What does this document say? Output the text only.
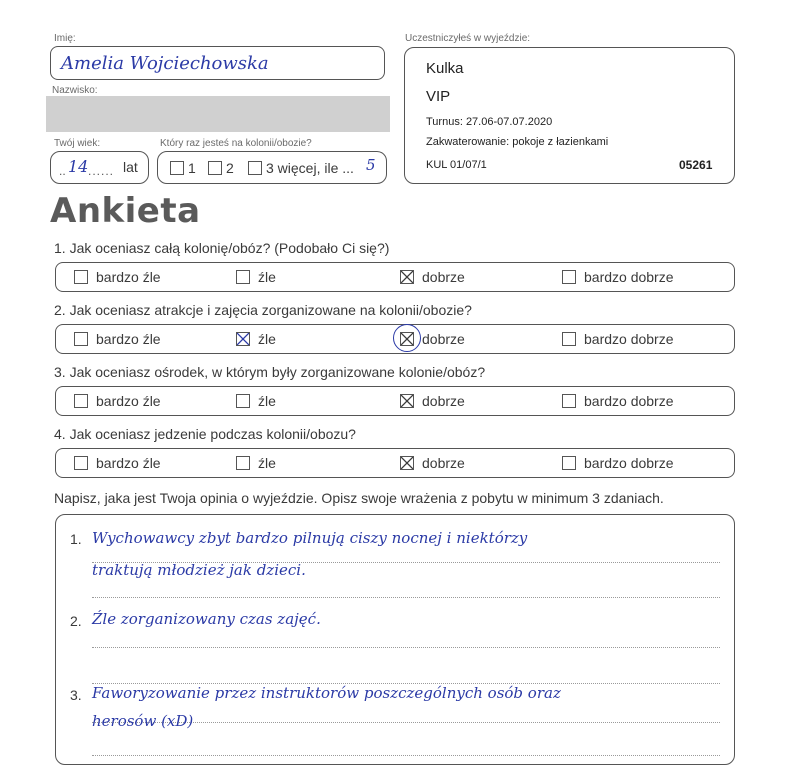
Imię:
Amelia Wojciechowska
Nazwisko:
Twój wiek:
.. 14 ...... lat
Który raz jesteś na kolonii/obozie?
1 2 3 więcej, ile ... 5
Uczestniczyłeś w wyjeździe:
Kulka
VIP
Turnus: 27.06-07.07.2020
Zakwaterowanie: pokoje z łazienkami
KUL 01/07/1	05261
Ankieta
1. Jak oceniasz całą kolonię/obóz? (Podobało Ci się?)
bardzo źle	źle	dobrze	bardzo dobrze
2. Jak oceniasz atrakcje i zajęcia zorganizowane na kolonii/obozie?
bardzo źle	źle	dobrze	bardzo dobrze
3. Jak oceniasz ośrodek, w którym były zorganizowane kolonie/obóz?
bardzo źle	źle	dobrze	bardzo dobrze
4. Jak oceniasz jedzenie podczas kolonii/obozu?
bardzo źle	źle	dobrze	bardzo dobrze
Napisz, jaka jest Twoja opinia o wyjeździe. Opisz swoje wrażenia z pobytu w minimum 3 zdaniach.
1. Wychowawcy zbyt bardzo pilnują ciszy nocnej i niektórzy
traktują młodzież jak dzieci.
2. Źle zorganizowany czas zajęć.
3. Faworyzowanie przez instruktorów poszczególnych osób oraz
herosów (xD)
